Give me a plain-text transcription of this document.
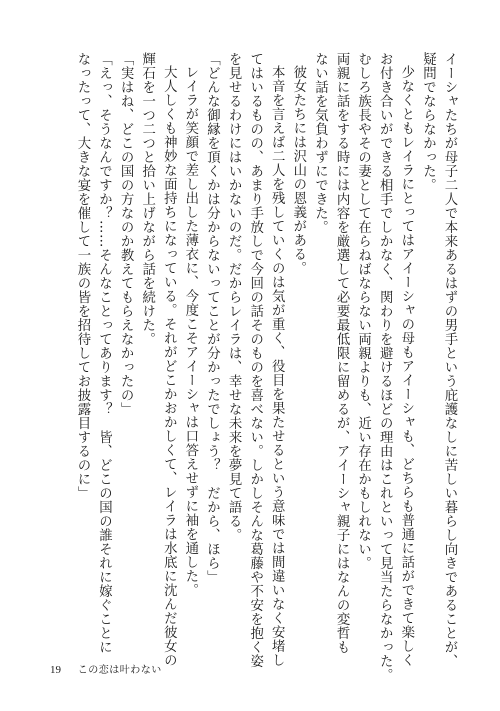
イーシャたちが母子二人で本来あるはずの男手という庇護なしに苦しい暮らし向きであることが、

疑問でならなかった。

少なくともレイラにとってはアイーシャの母もアイーシャも、どちらも普通に話ができて楽しく

お付き合いができる相手でしかなく、関わりを避けるほどの理由はこれといって見当たらなかった。

むしろ族長やその妻として在らねばならない両親よりも、近い存在かもしれない。

両親に話をする時には内容を厳選して必要最低限に留めるが、アイーシャ親子にはなんの変哲も

ない話を気負わずにできた。

彼女たちには沢山の恩義がある。

本音を言えば二人を残していくのは気が重く、役目を果たせるという意味では間違いなく安堵し

てはいるものの、あまり手放しで今回の話そのものを喜べない。しかしそんな葛藤や不安を抱く姿

を見せるわけにはいかないのだ。だからレイラは、幸せな未来を夢見て語る。

「どんな御縁を頂くかは分からないってことが分かったでしょう？　だから、ほら」

レイラが笑顔で差し出した薄衣に、今度こそアイーシャは口答えせずに袖を通した。

大人しくも神妙な面持ちになっている。それがどこかおかしくて、レイラは水底に沈んだ彼女の

輝石を一つ二つと拾い上げながら話を続けた。

「実はね、どこの国の方なのか教えてもらえなかったの」

「えっ、そうなんですか？……そんなことってあります？　皆、どこの国の誰それに嫁ぐことに

なったって、大きな宴を催して一族の皆を招待してお披露目するのに」

19 この恋は叶わない
